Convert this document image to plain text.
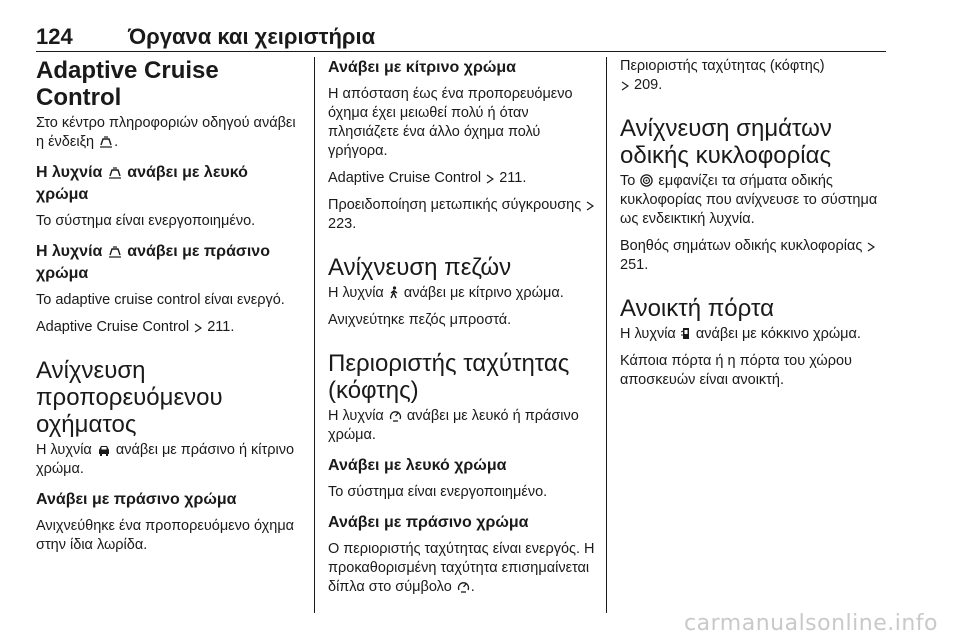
124	Όργανα και χειριστήρια
Adaptive Cruise Control

Στο κέντρο πληροφοριών οδηγού ανάβει η ένδειξη .

Η λυχνία ανάβει με λευκό χρώμα

Το σύστημα είναι ενεργοποιημένο.

Η λυχνία ανάβει με πράσινο χρώμα

Το adaptive cruise control είναι ενεργό.

Adaptive Cruise Control 211.

Ανίχνευση προπορευόμενου οχήματος

Η λυχνία ανάβει με πράσινο ή κίτρινο χρώμα.

Ανάβει με πράσινο χρώμα

Ανιχνεύθηκε ένα προπορευόμενο όχημα στην ίδια λωρίδα.

Ανάβει με κίτρινο χρώμα

Η απόσταση έως ένα προπορευόμενο όχημα έχει μειωθεί πολύ ή όταν πλησιάζετε ένα άλλο όχημα πολύ γρήγορα.

Adaptive Cruise Control 211.

Προειδοποίηση μετωπικής σύγκρουσης
223.

Ανίχνευση πεζών

Η λυχνία ανάβει με κίτρινο χρώμα.

Ανιχνεύτηκε πεζός μπροστά.

Περιοριστής ταχύτητας (κόφτης)

Η λυχνία ανάβει με λευκό ή πράσινο χρώμα.

Ανάβει με λευκό χρώμα

Το σύστημα είναι ενεργοποιημένο.

Ανάβει με πράσινο χρώμα

Ο περιοριστής ταχύτητας είναι ενεργός. Η προκαθορισμένη ταχύτητα επισημαίνεται δίπλα στο σύμβολο .

Περιοριστής ταχύτητας (κόφτης)

209.

Ανίχνευση σημάτων οδικής κυκλοφορίας

Το εμφανίζει τα σήματα οδικής κυκλοφορίας που ανίχνευσε το σύστημα ως ενδεικτική λυχνία.

Βοηθός σημάτων οδικής κυκλοφορίας
251.

Ανοικτή πόρτα

Η λυχνία ανάβει με κόκκινο χρώμα.

Κάποια πόρτα ή η πόρτα του χώρου αποσκευών είναι ανοικτή.

carmanualsonline.info
